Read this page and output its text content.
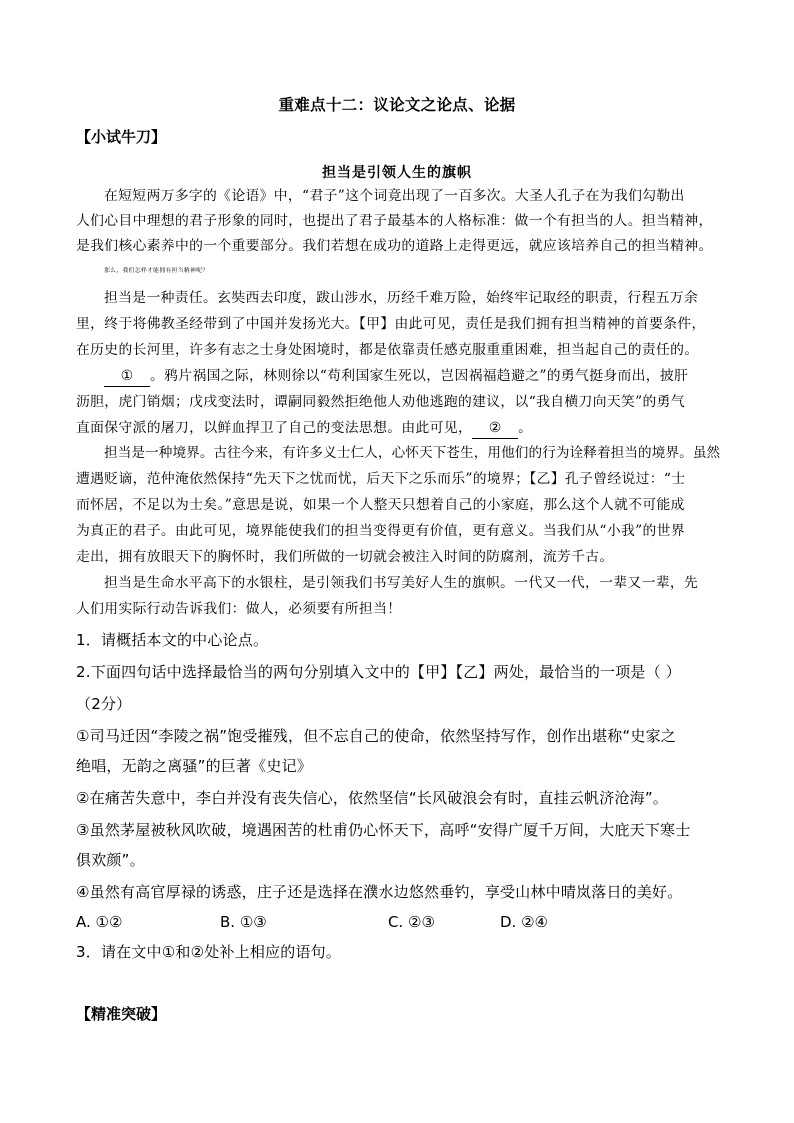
重难点十二：议论文之论点、论据
【小试牛刀】
担当是引领人生的旗帜
在短短两万多字的《论语》中，“君子”这个词竟出现了一百多次。大圣人孔子在为我们勾勒出
人们心目中理想的君子形象的同时，也提出了君子最基本的人格标准：做一个有担当的人。担当精神，
是我们核心素养中的一个重要部分。我们若想在成功的道路上走得更远，就应该培养自己的担当精神。
那么，我们怎样才能拥有担当精神呢？
担当是一种责任。玄奘西去印度，跋山涉水，历经千难万险，始终牢记取经的职责，行程五万余
里，终于将佛教圣经带到了中国并发扬光大。【甲】由此可见，责任是我们拥有担当精神的首要条件，
在历史的长河里，许多有志之士身处困境时，都是依靠责任感克服重重困难，担当起自己的责任的。
① 。鸦片祸国之际，林则徐以“苟利国家生死以，岂因祸福趋避之”的勇气挺身而出，披肝
沥胆，虎门销烟；戊戌变法时，谭嗣同毅然拒绝他人劝他逃跑的建议，以“我自横刀向天笑”的勇气
直面保守派的屠刀，以鲜血捍卫了自己的变法思想。由此可见， ② 。
担当是一种境界。古往今来，有许多义士仁人，心怀天下苍生，用他们的行为诠释着担当的境界。虽然
遭遇贬谪，范仲淹依然保持“先天下之忧而忧，后天下之乐而乐”的境界；【乙】孔子曾经说过：“士
而怀居，不足以为士矣。”意思是说，如果一个人整天只想着自己的小家庭，那么这个人就不可能成
为真正的君子。由此可见，境界能使我们的担当变得更有价值，更有意义。当我们从“小我”的世界
走出，拥有放眼天下的胸怀时，我们所做的一切就会被注入时间的防腐剂，流芳千古。
担当是生命水平高下的水银柱，是引领我们书写美好人生的旗帜。一代又一代，一辈又一辈，先
人们用实际行动告诉我们：做人，必须要有所担当！
1．请概括本文的中心论点。
2.下面四句话中选择最恰当的两句分别填入文中的【甲】【乙】两处，最恰当的一项是（ ）
（2分）
①司马迁因“李陵之祸”饱受摧残，但不忘自己的使命，依然坚持写作，创作出堪称“史家之
绝唱，无韵之离骚”的巨著《史记》
②在痛苦失意中，李白并没有丧失信心，依然坚信“长风破浪会有时，直挂云帆济沧海”。
③虽然茅屋被秋风吹破，境遇困苦的杜甫仍心怀天下，高呼“安得广厦千万间，大庇天下寒士
俱欢颜”。
④虽然有高官厚禄的诱惑，庄子还是选择在濮水边悠然垂钓，享受山林中晴岚落日的美好。
A. ①②	B. ①③	C. ②③	D. ②④
3．请在文中①和②处补上相应的语句。
【精准突破】
